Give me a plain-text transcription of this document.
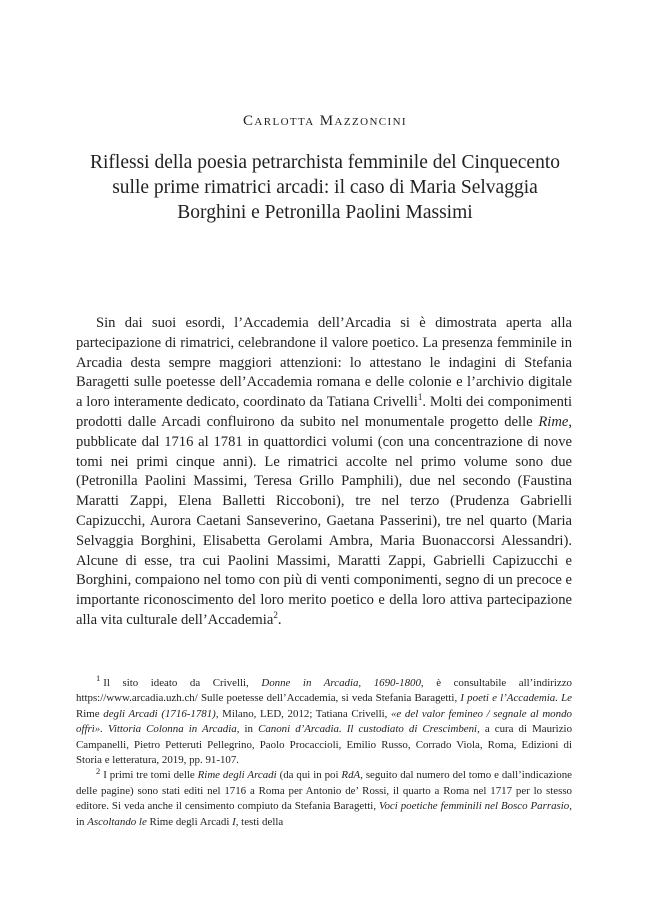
Carlotta Mazzoncini
Riflessi della poesia petrarchista femminile del Cinquecento
sulle prime rimatrici arcadi: il caso di Maria Selvaggia
Borghini e Petronilla Paolini Massimi

Sin dai suoi esordi, l’Accademia dell’Arcadia si è dimostrata aperta alla partecipazione di rimatrici, celebrandone il valore poetico. La presenza femminile in Arcadia desta sempre maggiori attenzioni: lo attestano le indagini di Stefania Baragetti sulle poetesse dell’Accademia romana e delle colonie e l’archivio digitale a loro interamente dedicato, coordinato da Tatiana Crivelli$^1$. Molti dei componimenti prodotti dalle Arcadi confluirono da subito nel monumentale progetto delle Rime, pubblicate dal 1716 al 1781 in quattordici volumi (con una concentrazione di nove tomi nei primi cinque anni). Le rimatrici accolte nel primo volume sono due (Petronilla Paolini Massimi, Teresa Grillo Pamphili), due nel secondo (Faustina Maratti Zappi, Elena Balletti Riccoboni), tre nel terzo (Prudenza Gabrielli Capizucchi, Aurora Caetani Sanseverino, Gaetana Passerini), tre nel quarto (Maria Selvaggia Borghini, Elisabetta Gerolami Ambra, Maria Buonaccorsi Alessandri). Alcune di esse, tra cui Paolini Massimi, Maratti Zappi, Gabrielli Capizucchi e Borghini, compaiono nel tomo con più di venti componimenti, segno di un precoce e importante riconoscimento del loro merito poetico e della loro attiva partecipazione alla vita culturale dell’Accademia$^2$.

$^1$ Il sito ideato da Crivelli, Donne in Arcadia, 1690-1800, è consultabile all’indirizzo https://www.arcadia.uzh.ch/ Sulle poetesse dell’Accademia, si veda Stefania Baragetti, I poeti e l’Accademia. Le Rime degli Arcadi (1716-1781), Milano, LED, 2012; Tatiana Crivelli, «e del valor femineo / segnale al mondo offrì». Vittoria Colonna in Arcadia, in Canoni d’Arcadia. Il custodiato di Crescimbeni, a cura di Maurizio Campanelli, Pietro Petteruti Pellegrino, Paolo Procaccioli, Emilio Russo, Corrado Viola, Roma, Edizioni di Storia e letteratura, 2019, pp. 91-107.

$^2$ I primi tre tomi delle Rime degli Arcadi (da qui in poi RdA, seguito dal numero del tomo e dall’indicazione delle pagine) sono stati editi nel 1716 a Roma per Antonio de’ Rossi, il quarto a Roma nel 1717 per lo stesso editore. Si veda anche il censimento compiuto da Stefania Baragetti, Voci poetiche femminili nel Bosco Parrasio, in Ascoltando le Rime degli Arcadi I, testi della
